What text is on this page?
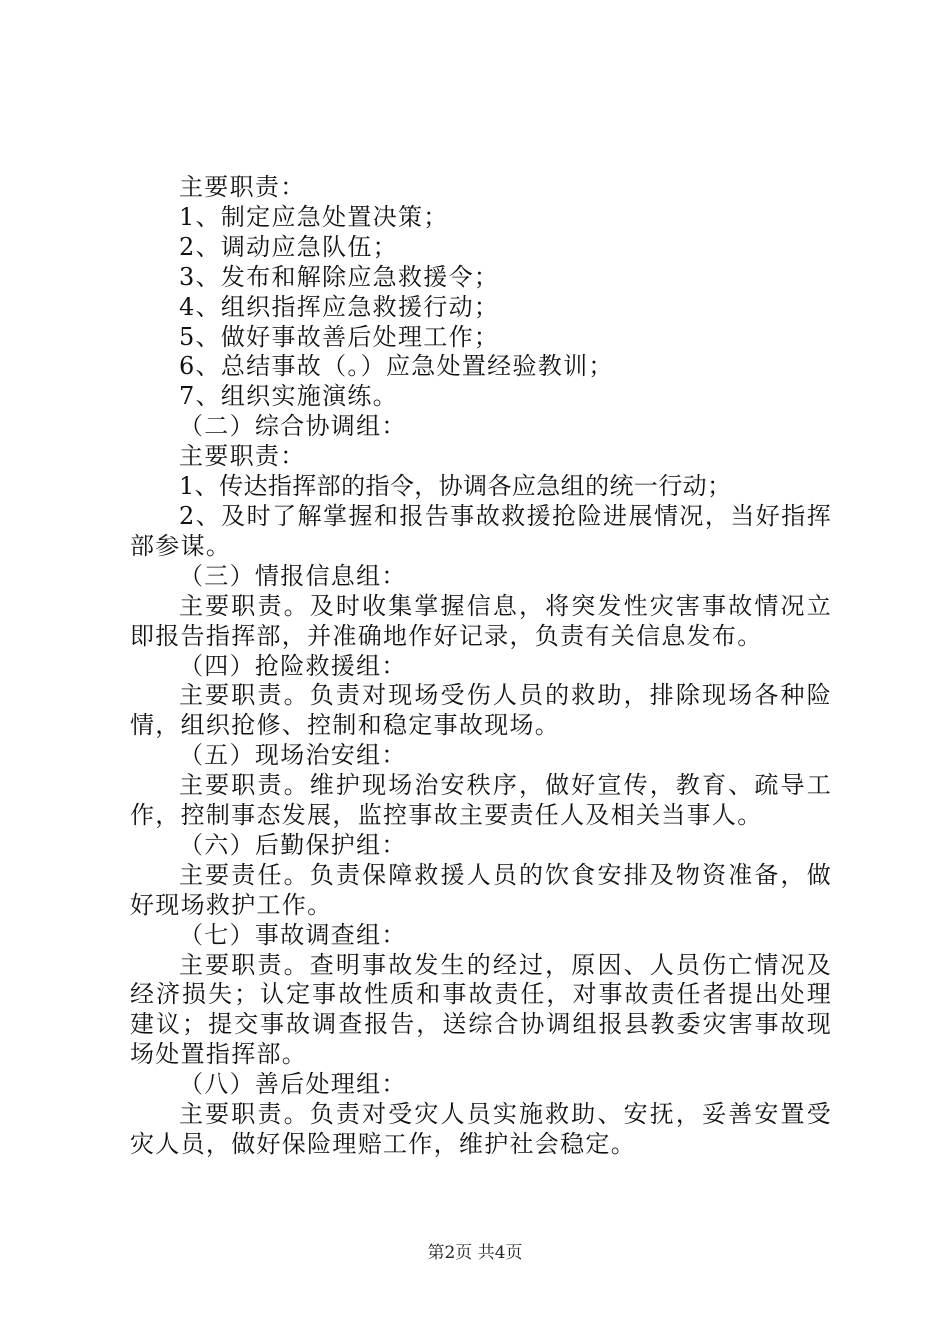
主要职责：

1、制定应急处置决策；

2、调动应急队伍；

3、发布和解除应急救援令；

4、组织指挥应急救援行动；

5、做好事故善后处理工作；

6、总结事故（。）应急处置经验教训；

7、组织实施演练。

（二）综合协调组：

主要职责：

1、传达指挥部的指令，协调各应急组的统一行动；

2、及时了解掌握和报告事故救援抢险进展情况，当好指挥部参谋。

（三）情报信息组：

主要职责。及时收集掌握信息，将突发性灾害事故情况立即报告指挥部，并准确地作好记录，负责有关信息发布。

（四）抢险救援组：

主要职责。负责对现场受伤人员的救助，排除现场各种险情，组织抢修、控制和稳定事故现场。

（五）现场治安组：

主要职责。维护现场治安秩序，做好宣传，教育、疏导工作，控制事态发展，监控事故主要责任人及相关当事人。

（六）后勤保护组：

主要责任。负责保障救援人员的饮食安排及物资准备，做好现场救护工作。

（七）事故调查组：

主要职责。查明事故发生的经过，原因、人员伤亡情况及经济损失；认定事故性质和事故责任，对事故责任者提出处理建议；提交事故调查报告，送综合协调组报县教委灾害事故现场处置指挥部。

（八）善后处理组：

主要职责。负责对受灾人员实施救助、安抚，妥善安置受灾人员，做好保险理赔工作，维护社会稳定。

第2页 共4页
